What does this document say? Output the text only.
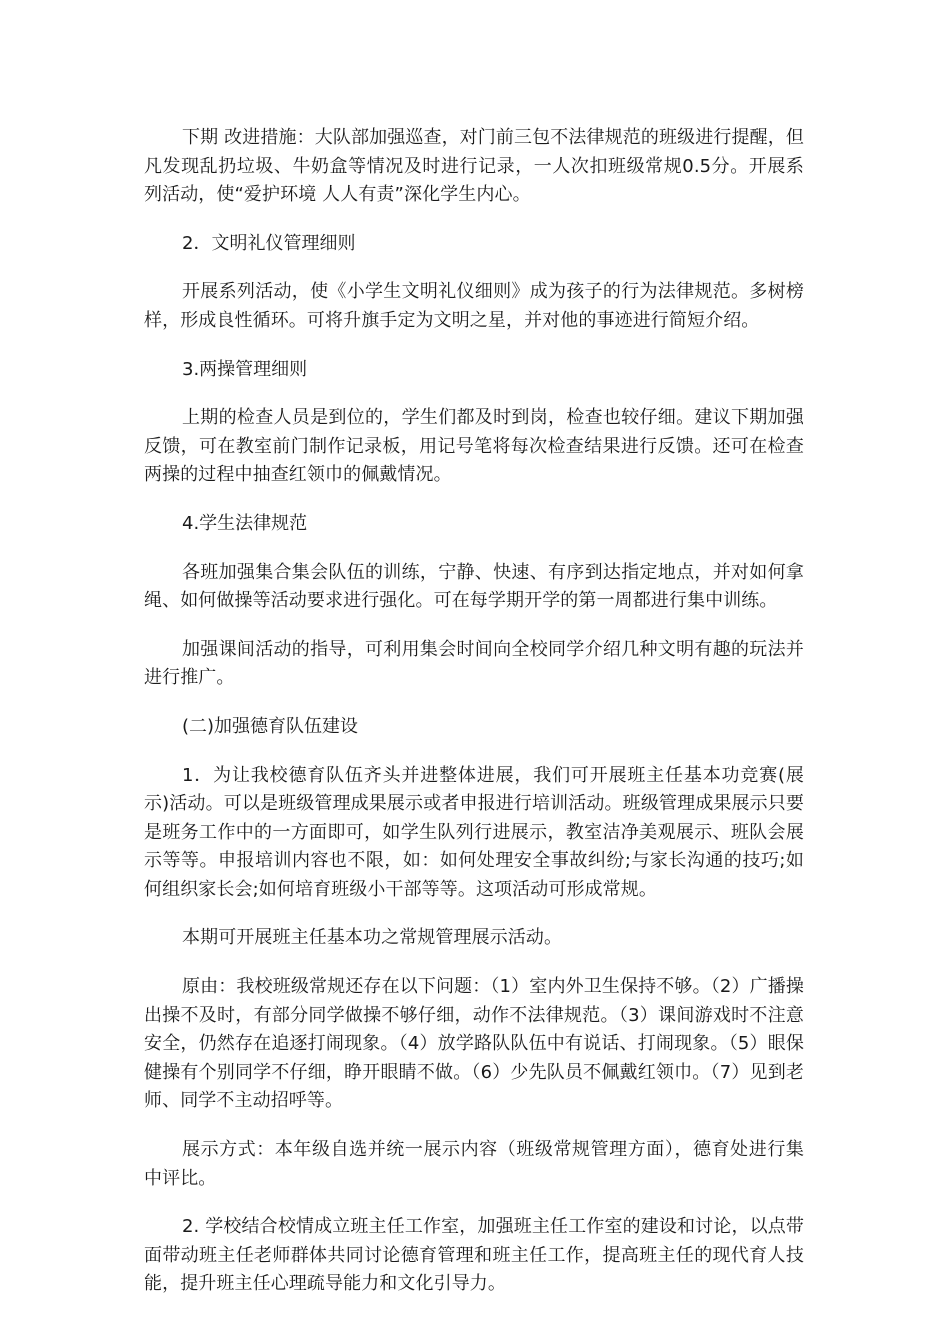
下期 改进措施：大队部加强巡查，对门前三包不法律规范的班级进行提醒，但凡发现乱扔垃圾、牛奶盒等情况及时进行记录，一人次扣班级常规0.5分。开展系列活动，使“爱护环境 人人有责”深化学生内心。

2．文明礼仪管理细则

开展系列活动，使《小学生文明礼仪细则》成为孩子的行为法律规范。多树榜样，形成良性循环。可将升旗手定为文明之星，并对他的事迹进行简短介绍。

3.两操管理细则

上期的检查人员是到位的，学生们都及时到岗，检查也较仔细。建议下期加强反馈，可在教室前门制作记录板，用记号笔将每次检查结果进行反馈。还可在检查两操的过程中抽查红领巾的佩戴情况。

4.学生法律规范

各班加强集合集会队伍的训练，宁静、快速、有序到达指定地点，并对如何拿绳、如何做操等活动要求进行强化。可在每学期开学的第一周都进行集中训练。

加强课间活动的指导，可利用集会时间向全校同学介绍几种文明有趣的玩法并进行推广。

(二)加强德育队伍建设

1．为让我校德育队伍齐头并进整体进展，我们可开展班主任基本功竞赛(展示)活动。可以是班级管理成果展示或者申报进行培训活动。班级管理成果展示只要是班务工作中的一方面即可，如学生队列行进展示，教室洁净美观展示、班队会展示等等。申报培训内容也不限，如：如何处理安全事故纠纷;与家长沟通的技巧;如何组织家长会;如何培育班级小干部等等。这项活动可形成常规。

本期可开展班主任基本功之常规管理展示活动。

原由：我校班级常规还存在以下问题：（1）室内外卫生保持不够。（2）广播操出操不及时，有部分同学做操不够仔细，动作不法律规范。（3）课间游戏时不注意安全，仍然存在追逐打闹现象。（4）放学路队队伍中有说话、打闹现象。（5）眼保健操有个别同学不仔细，睁开眼睛不做。（6）少先队员不佩戴红领巾。（7）见到老师、同学不主动招呼等。

展示方式：本年级自选并统一展示内容（班级常规管理方面），德育处进行集中评比。

2. 学校结合校情成立班主任工作室，加强班主任工作室的建设和讨论，以点带面带动班主任老师群体共同讨论德育管理和班主任工作，提高班主任的现代育人技能，提升班主任心理疏导能力和文化引导力。
